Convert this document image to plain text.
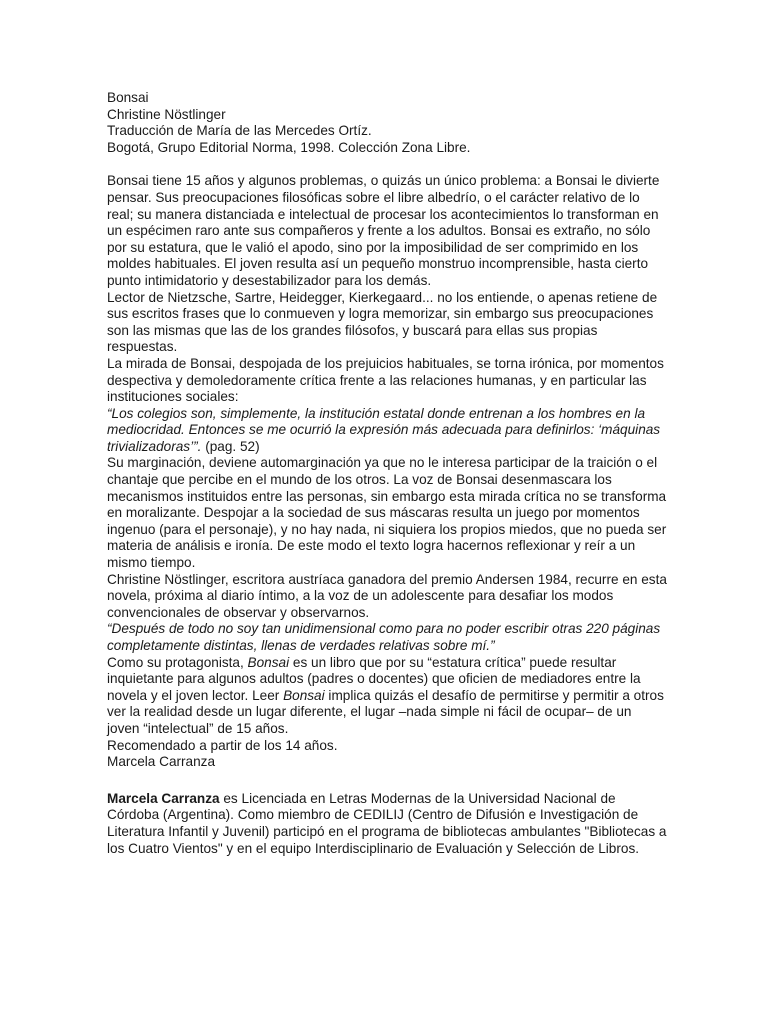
Bonsai

Christine Nöstlinger

Traducción de María de las Mercedes Ortíz.

Bogotá, Grupo Editorial Norma, 1998. Colección Zona Libre.

Bonsai tiene 15 años y algunos problemas, o quizás un único problema: a Bonsai le divierte pensar. Sus preocupaciones filosóficas sobre el libre albedrío, o el carácter relativo de lo real; su manera distanciada e intelectual de procesar los acontecimientos lo transforman en un espécimen raro ante sus compañeros y frente a los adultos. Bonsai es extraño, no sólo por su estatura, que le valió el apodo, sino por la imposibilidad de ser comprimido en los moldes habituales. El joven resulta así un pequeño monstruo incomprensible, hasta cierto punto intimidatorio y desestabilizador para los demás.

Lector de Nietzsche, Sartre, Heidegger, Kierkegaard... no los entiende, o apenas retiene de sus escritos frases que lo conmueven y logra memorizar, sin embargo sus preocupaciones son las mismas que las de los grandes filósofos, y buscará para ellas sus propias respuestas.

La mirada de Bonsai, despojada de los prejuicios habituales, se torna irónica, por momentos despectiva y demoledoramente crítica frente a las relaciones humanas, y en particular las instituciones sociales:

“Los colegios son, simplemente, la institución estatal donde entrenan a los hombres en la mediocridad. Entonces se me ocurrió la expresión más adecuada para definirlos: ‘máquinas trivializadoras’”. (pag. 52)

Su marginación, deviene automarginación ya que no le interesa participar de la traición o el chantaje que percibe en el mundo de los otros. La voz de Bonsai desenmascara los mecanismos instituidos entre las personas, sin embargo esta mirada crítica no se transforma en moralizante. Despojar a la sociedad de sus máscaras resulta un juego por momentos ingenuo (para el personaje), y no hay nada, ni siquiera los propios miedos, que no pueda ser materia de análisis e ironía. De este modo el texto logra hacernos reflexionar y reír a un mismo tiempo.

Christine Nöstlinger, escritora austríaca ganadora del premio Andersen 1984, recurre en esta novela, próxima al diario íntimo, a la voz de un adolescente para desafiar los modos convencionales de observar y observarnos.

“Después de todo no soy tan unidimensional como para no poder escribir otras 220 páginas completamente distintas, llenas de verdades relativas sobre mí.”

Como su protagonista, Bonsai es un libro que por su “estatura crítica” puede resultar inquietante para algunos adultos (padres o docentes) que oficien de mediadores entre la novela y el joven lector. Leer Bonsai implica quizás el desafío de permitirse y permitir a otros ver la realidad desde un lugar diferente, el lugar –nada simple ni fácil de ocupar– de un joven “intelectual” de 15 años.

Recomendado a partir de los 14 años.

Marcela Carranza

Marcela Carranza es Licenciada en Letras Modernas de la Universidad Nacional de Córdoba (Argentina). Como miembro de CEDILIJ (Centro de Difusión e Investigación de Literatura Infantil y Juvenil) participó en el programa de bibliotecas ambulantes "Bibliotecas a los Cuatro Vientos" y en el equipo Interdisciplinario de Evaluación y Selección de Libros.
